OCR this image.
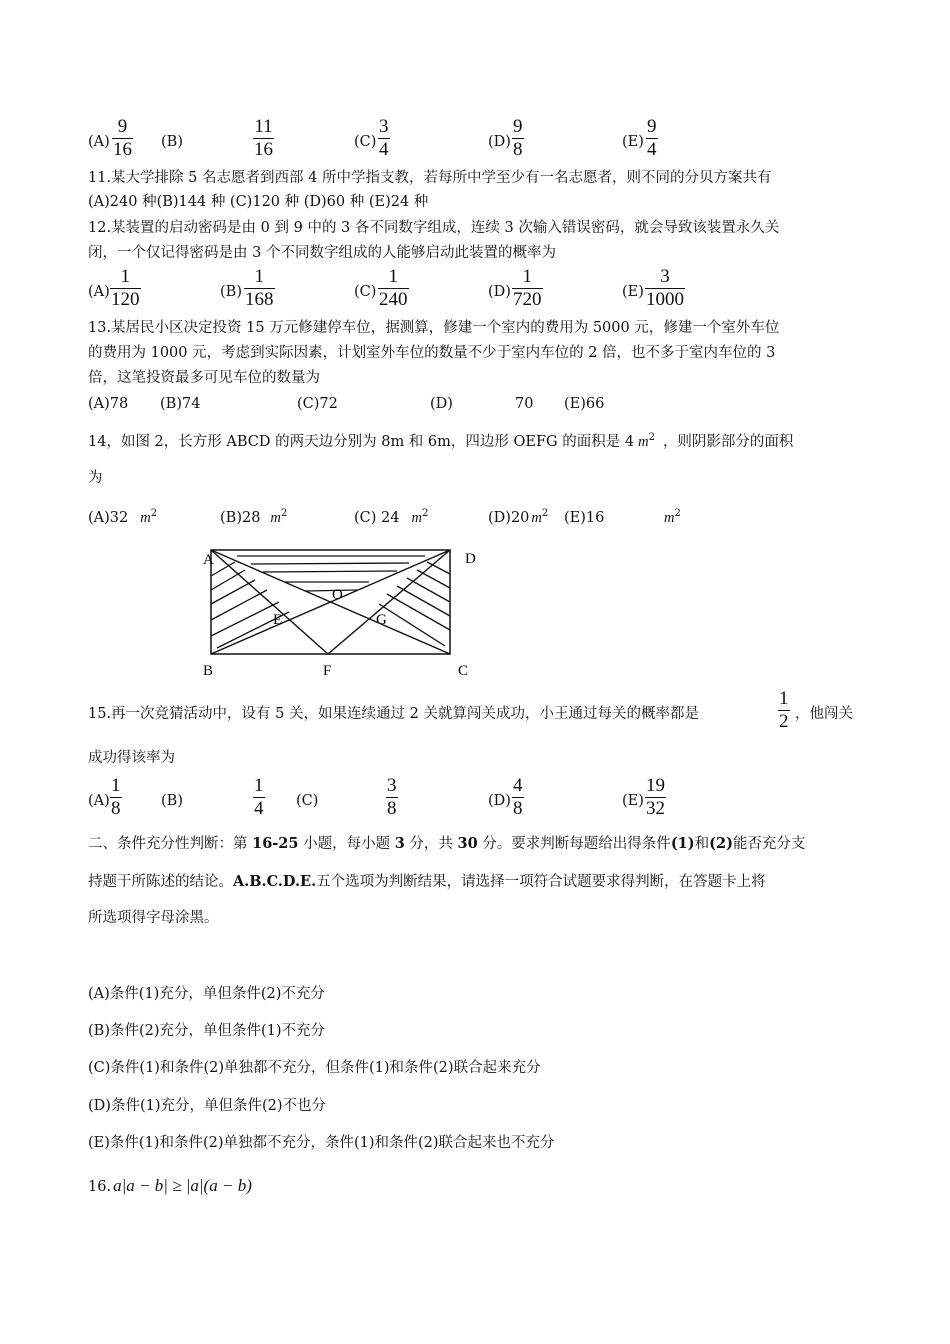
(A)
9
16 (B)
11
16	(C)
3
4	(D)
9
8	(E)
9
4
11.某大学排除 5 名志愿者到西部 4 所中学指支教，若每所中学至少有一名志愿者，则不同的分贝方案共有
(A)240 种(B)144 种 (C)120 种 (D)60 种 (E)24 种
12.某装置的启动密码是由 0 到 9 中的 3 各不同数字组成，连续 3 次输入错误密码，就会导致该装置永久关
闭，一个仅记得密码是由 3 个不同数字组成的人能够启动此装置的概率为
(A)
1
120	(B)
1
168	(C)
1
240	(D)
1
720	(E)
3
1000
13.某居民小区决定投资 15 万元修建停车位，据测算，修建一个室内的费用为 5000 元，修建一个室外车位
的费用为 1000 元，考虑到实际因素，计划室外车位的数量不少于室内车位的 2 倍，也不多于室内车位的 3
倍，这笔投资最多可见车位的数量为
(A)78 (B)74	(C)72	(D)	70 (E)66
14，如图 2，长方形 ABCD 的两天边分别为 8m 和 6m，四边形 OEFG 的面积是 4 $m^2$ ，则阴影部分的面积
为
(A)32 $m^2$	(B)28 $m^2$	(C) 24 $m^2$	(D)20 $m^2$ (E)16	$m^2$
A	D
B	F	C
O
E	G
15.再一次竞猜活动中，设有 5 关，如果连续通过 2 关就算闯关成功，小王通过每关的概率都是
1
2 ，他闯关
成功得该率为
(A)
1
8	(B)
1
4 (C)
3
8	(D)
4
8	(E)
19
32
二、条件充分性判断：第 16-25 小题，每小题 3 分，共 30 分。要求判断每题给出得条件(1)和(2)能否充分支
持题干所陈述的结论。A.B.C.D.E.五个选项为判断结果，请选择一项符合试题要求得判断，在答题卡上将
所选项得字母涂黑。
(A)条件(1)充分，单但条件(2)不充分
(B)条件(2)充分，单但条件(1)不充分
(C)条件(1)和条件(2)单独都不充分，但条件(1)和条件(2)联合起来充分
(D)条件(1)充分，单但条件(2)不也分
(E)条件(1)和条件(2)单独都不充分，条件(1)和条件(2)联合起来也不充分
16. a|a − b| ≥ |a|(a − b)
